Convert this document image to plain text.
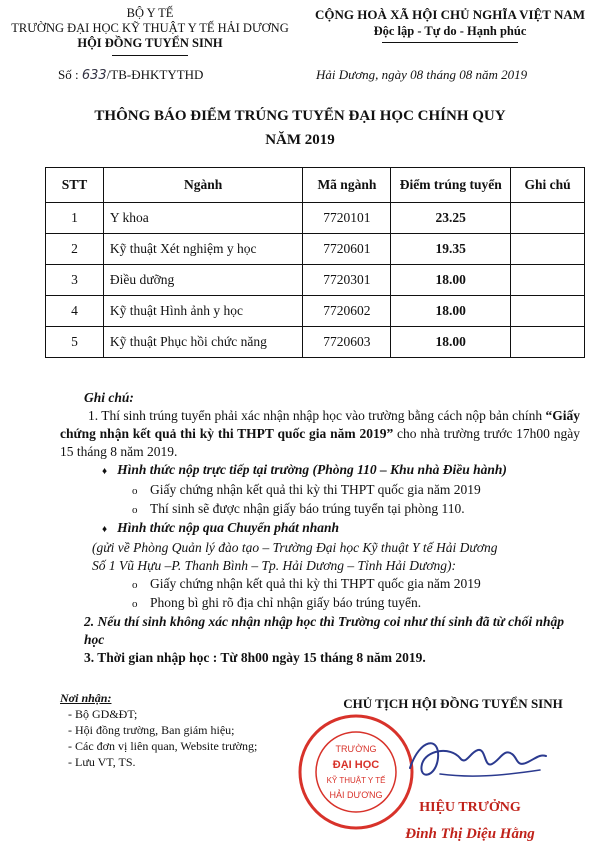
BỘ Y TẾ
TRƯỜNG ĐẠI HỌC KỸ THUẬT Y TẾ HẢI DƯƠNG
HỘI ĐỒNG TUYỂN SINH
CỘNG HOÀ XÃ HỘI CHỦ NGHĨA VIỆT NAM
Độc lập - Tự do - Hạnh phúc
Số : 633/TB-ĐHKTYTHD	Hải Dương, ngày 08 tháng 08 năm 2019
THÔNG BÁO ĐIỂM TRÚNG TUYỂN ĐẠI HỌC CHÍNH QUY
NĂM 2019
STT	Ngành	Mã ngành	Điểm trúng tuyển	Ghi chú
1	Y khoa	7720101	23.25	
2	Kỹ thuật Xét nghiệm y học	7720601	19.35	
3	Điều dưỡng	7720301	18.00	
4	Kỹ thuật Hình ảnh y học	7720602	18.00	
5	Kỹ thuật Phục hồi chức năng	7720603	18.00	

Ghi chú:

1. Thí sinh trúng tuyển phải xác nhận nhập học vào trường bằng cách nộp bản chính “Giấy chứng nhận kết quả thi kỳ thi THPT quốc gia năm 2019” cho nhà trường trước 17h00 ngày 15 tháng 8 năm 2019.

♦ Hình thức nộp trực tiếp tại trường (Phòng 110 – Khu nhà Điều hành)

o Giấy chứng nhận kết quả thi kỳ thi THPT quốc gia năm 2019

o Thí sinh sẽ được nhận giấy báo trúng tuyển tại phòng 110.

♦ Hình thức nộp qua Chuyển phát nhanh

(gửi về Phòng Quản lý đào tạo – Trường Đại học Kỹ thuật Y tế Hải Dương

Số 1 Vũ Hựu –P. Thanh Bình – Tp. Hải Dương – Tỉnh Hải Dương):

o Giấy chứng nhận kết quả thi kỳ thi THPT quốc gia năm 2019

o Phong bì ghi rõ địa chỉ nhận giấy báo trúng tuyển.

2. Nếu thí sinh không xác nhận nhập học thì Trường coi như thí sinh đã từ chối nhập học

3. Thời gian nhập học : Từ 8h00 ngày 15 tháng 8 năm 2019.

Nơi nhận:
- Bộ GD&ĐT;
- Hội đồng trường, Ban giám hiệu;
- Các đơn vị liên quan, Website trường;
- Lưu VT, TS.
CHỦ TỊCH HỘI ĐỒNG TUYỂN SINH
TRƯỜNG
ĐẠI HỌC
KỸ THUẬT Y TẾ
HẢI DƯƠNG
HIỆU TRƯỞNG
Đinh Thị Diệu Hằng
